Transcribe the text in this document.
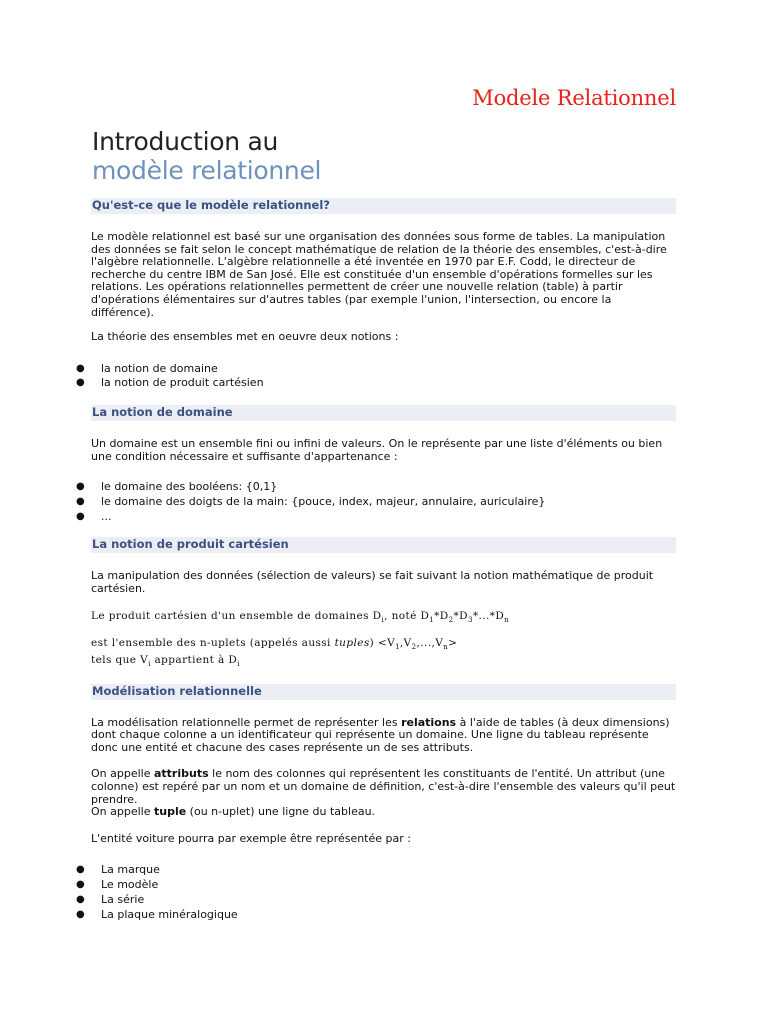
Modele Relationnel
Introduction au
modèle relationnel
Qu'est-ce que le modèle relationnel?

Le modèle relationnel est basé sur une organisation des données sous forme de tables. La manipulation des données se fait selon le concept mathématique de relation de la théorie des ensembles, c'est-à-dire l'algèbre relationnelle. L'algèbre relationnelle a été inventée en 1970 par E.F. Codd, le directeur de recherche du centre IBM de San José. Elle est constituée d'un ensemble d'opérations formelles sur les relations. Les opérations relationnelles permettent de créer une nouvelle relation (table) à partir d'opérations élémentaires sur d'autres tables (par exemple l'union, l'intersection, ou encore la différence).

La théorie des ensembles met en oeuvre deux notions :

● la notion de domaine
● la notion de produit cartésien
La notion de domaine

Un domaine est un ensemble fini ou infini de valeurs. On le représente par une liste d'éléments ou bien une condition nécessaire et suffisante d'appartenance :

● le domaine des booléens: {0,1}
● le domaine des doigts de la main: {pouce, index, majeur, annulaire, auriculaire}
● ...
La notion de produit cartésien

La manipulation des données (sélection de valeurs) se fait suivant la notion mathématique de produit cartésien.

Le produit cartésien d'un ensemble de domaines $D_i$, noté $D_1*D_2*D_3*...*D_n$

est l'ensemble des n-uplets (appelés aussi tuples) $<V_1,V_2,...,V_n>$

tels que $V_i$ appartient à $D_i$

Modélisation relationnelle

La modélisation relationnelle permet de représenter les relations à l'aide de tables (à deux dimensions) dont chaque colonne a un identificateur qui représente un domaine. Une ligne du tableau représente donc une entité et chacune des cases représente un de ses attributs.

On appelle attributs le nom des colonnes qui représentent les constituants de l'entité. Un attribut (une colonne) est repéré par un nom et un domaine de définition, c'est-à-dire l'ensemble des valeurs qu'il peut prendre.

On appelle tuple (ou n-uplet) une ligne du tableau.

L'entité voiture pourra par exemple être représentée par :

● La marque
● Le modèle
● La série
● La plaque minéralogique
